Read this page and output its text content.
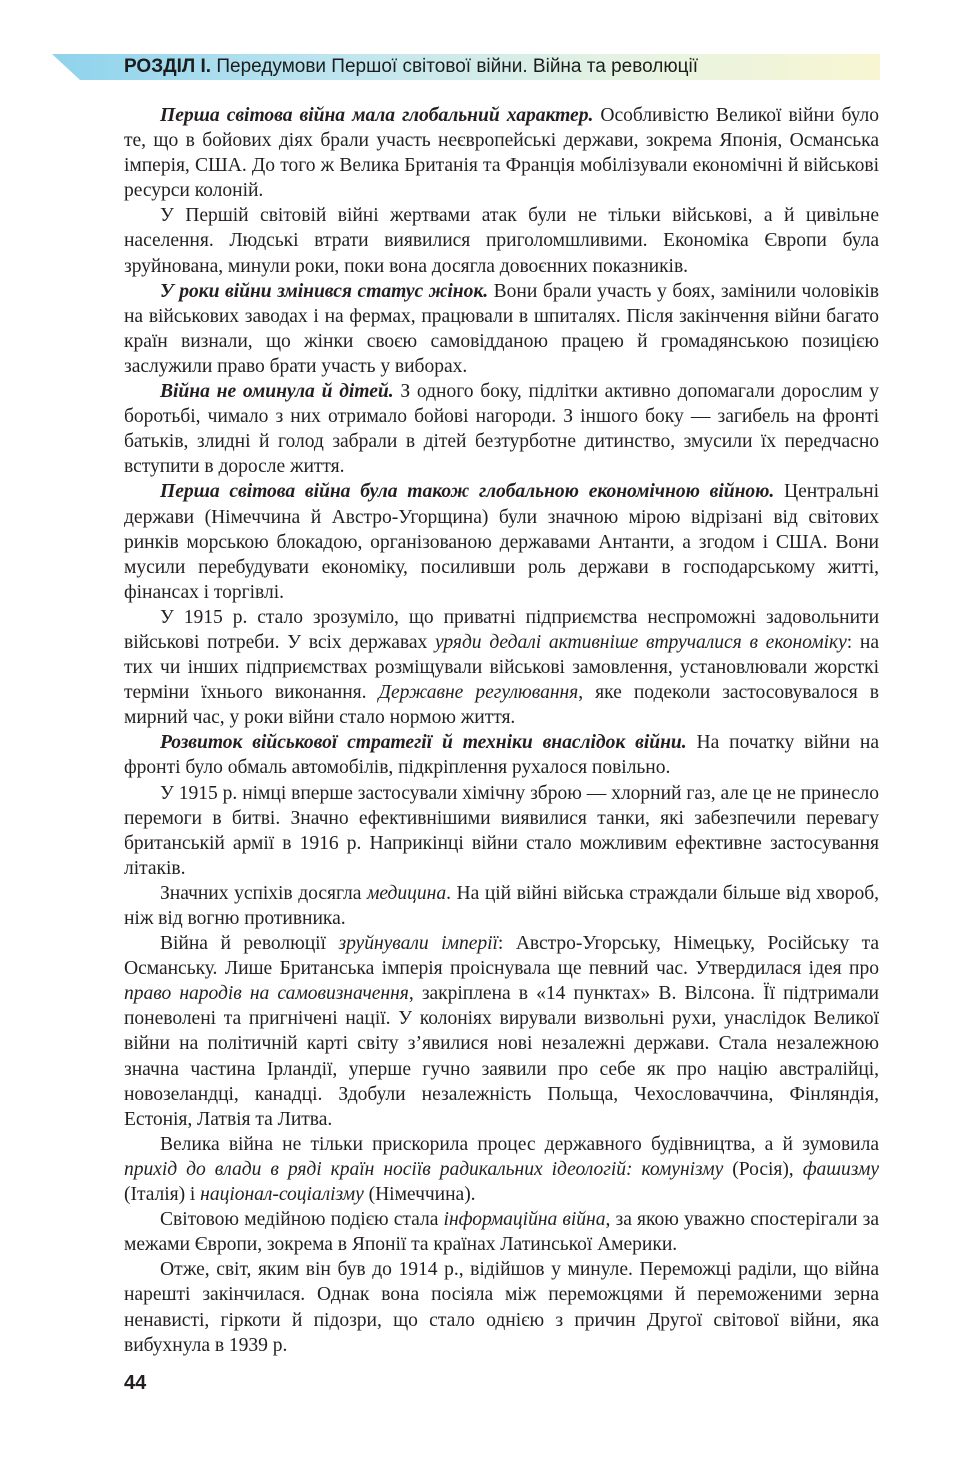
РОЗДІЛ І. Передумови Першої світової війни. Війна та революції

Перша світова війна мала глобальний характер. Особливістю Великої війни було те, що в бойових діях брали участь неєвропейські держави, зокрема Японія, Османська імперія, США. До того ж Велика Британія та Франція мобілізували економічні й військові ресурси колоній.

У Першій світовій війні жертвами атак були не тільки військові, а й цивільне населення. Людські втрати виявилися приголомшливими. Економіка Європи була зруйнована, минули роки, поки вона досягла довоєнних показників.

У роки війни змінився статус жінок. Вони брали участь у боях, замінили чоловіків на військових заводах і на фермах, працювали в шпиталях. Після закінчення війни багато країн визнали, що жінки своєю самовідданою працею й громадянською позицією заслужили право брати участь у виборах.

Війна не оминула й дітей. З одного боку, підлітки активно допомагали дорослим у боротьбі, чимало з них отримало бойові нагороди. З іншого боку — загибель на фронті батьків, злидні й голод забрали в дітей безтурботне дитинство, змусили їх передчасно вступити в доросле життя.

Перша світова війна була також глобальною економічною війною. Центральні держави (Німеччина й Австро-Угорщина) були значною мірою відрізані від світових ринків морською блокадою, організованою державами Антанти, а згодом і США. Вони мусили перебудувати економіку, посиливши роль держави в господарському житті, фінансах і торгівлі.

У 1915 р. стало зрозуміло, що приватні підприємства неспроможні задовольнити військові потреби. У всіх державах уряди дедалі активніше втручалися в економіку: на тих чи інших підприємствах розміщували військові замовлення, установлювали жорсткі терміни їхнього виконання. Державне регулювання, яке подеколи застосовувалося в мирний час, у роки війни стало нормою життя.

Розвиток військової стратегії й техніки внаслідок війни. На початку війни на фронті було обмаль автомобілів, підкріплення рухалося повільно.

У 1915 р. німці вперше застосували хімічну зброю — хлорний газ, але це не принесло перемоги в битві. Значно ефективнішими виявилися танки, які забезпечили перевагу британській армії в 1916 р. Наприкінці війни стало можливим ефективне застосування літаків.

Значних успіхів досягла медицина. На цій війні війська страждали більше від хвороб, ніж від вогню противника.

Війна й революції зруйнували імперії: Австро-Угорську, Німецьку, Російську та Османську. Лише Британська імперія проіснувала ще певний час. Утвердилася ідея про право народів на самовизначення, закріплена в «14 пунктах» В. Вілсона. Її підтримали поневолені та пригнічені нації. У колоніях вирували визвольні рухи, унаслідок Великої війни на політичній карті світу з’явилися нові незалежні держави. Стала незалежною значна частина Ірландії, уперше гучно заявили про себе як про націю австралійці, новозеландці, канадці. Здобули незалежність Польща, Чехословаччина, Фінляндія, Естонія, Латвія та Литва.

Велика війна не тільки прискорила процес державного будівництва, а й зумовила прихід до влади в ряді країн носіїв радикальних ідеологій: комунізму (Росія), фашизму (Італія) і націонал-соціалізму (Німеччина).

Світовою медійною подією стала інформаційна війна, за якою уважно спостерігали за межами Європи, зокрема в Японії та країнах Латинської Америки.

Отже, світ, яким він був до 1914 р., відійшов у минуле. Переможці раділи, що війна нарешті закінчилася. Однак вона посіяла між переможцями й переможеними зерна ненависті, гіркоти й підозри, що стало однією з причин Другої світової війни, яка вибухнула в 1939 р.

44
